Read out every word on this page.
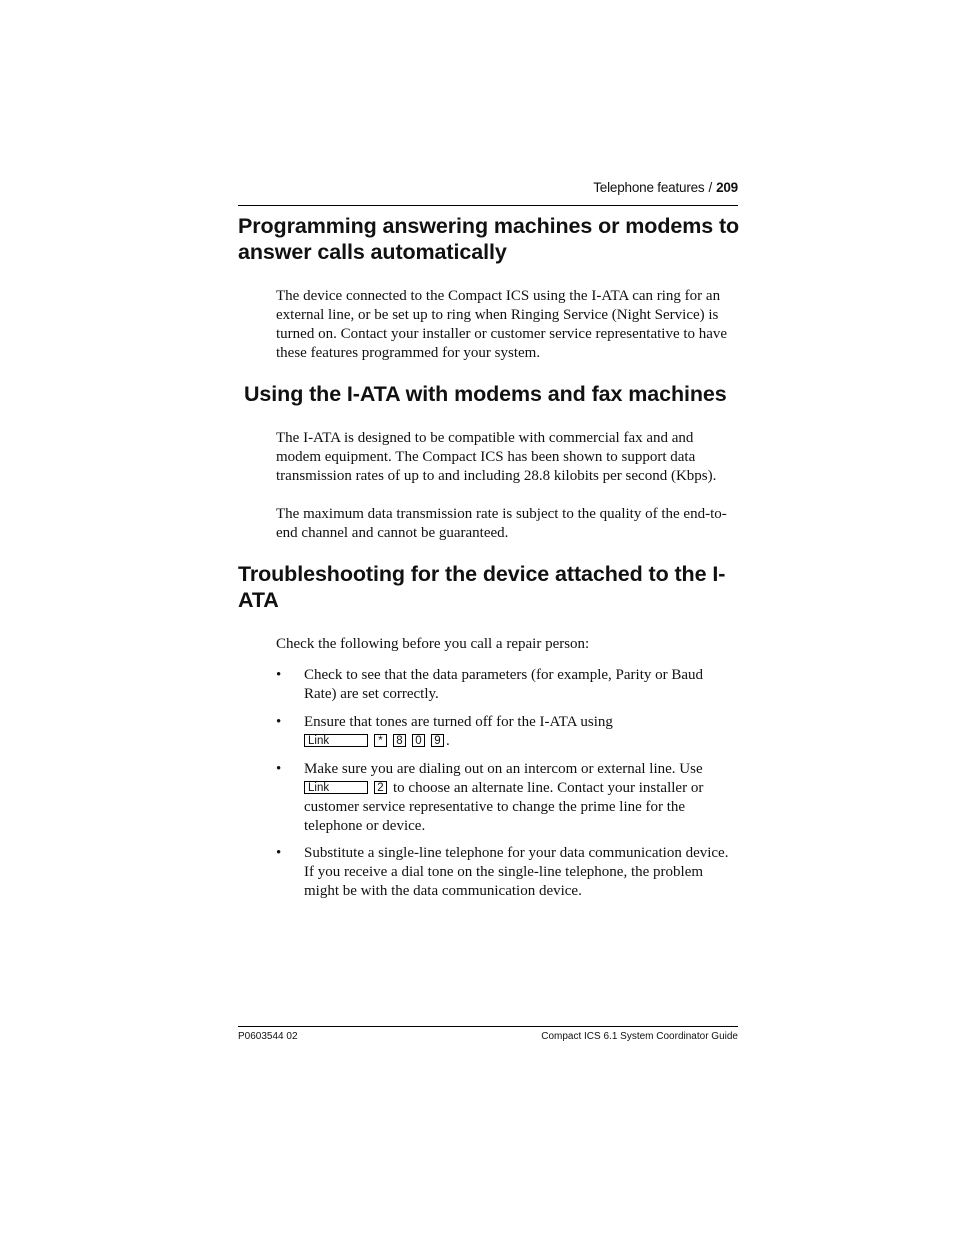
Telephone features / 209
Programming answering machines or modems to answer calls automatically

The device connected to the Compact ICS using the I-ATA can ring for an external line, or be set up to ring when Ringing Service (Night Service) is turned on. Contact your installer or customer service representative to have these features programmed for your system.

Using the I-ATA with modems and fax machines

The I-ATA is designed to be compatible with commercial fax and and modem equipment. The Compact ICS has been shown to support data transmission rates of up to and including 28.8 kilobits per second (Kbps).

The maximum data transmission rate is subject to the quality of the end-to-end channel and cannot be guaranteed.

Troubleshooting for the device attached to the I-ATA

Check the following before you call a repair person:

• Check to see that the data parameters (for example, Parity or Baud Rate) are set correctly.
• Ensure that tones are turned off for the I-ATA using
Link	* 8 0 9 .
• Make sure you are dialing out on an intercom or external line. Use
Link	2 to choose an alternate line. Contact your installer or customer service representative to change the prime line for the telephone or device.
• Substitute a single-line telephone for your data communication device. If you receive a dial tone on the single-line telephone, the problem might be with the data communication device.
P0603544 02	Compact ICS 6.1 System Coordinator Guide
